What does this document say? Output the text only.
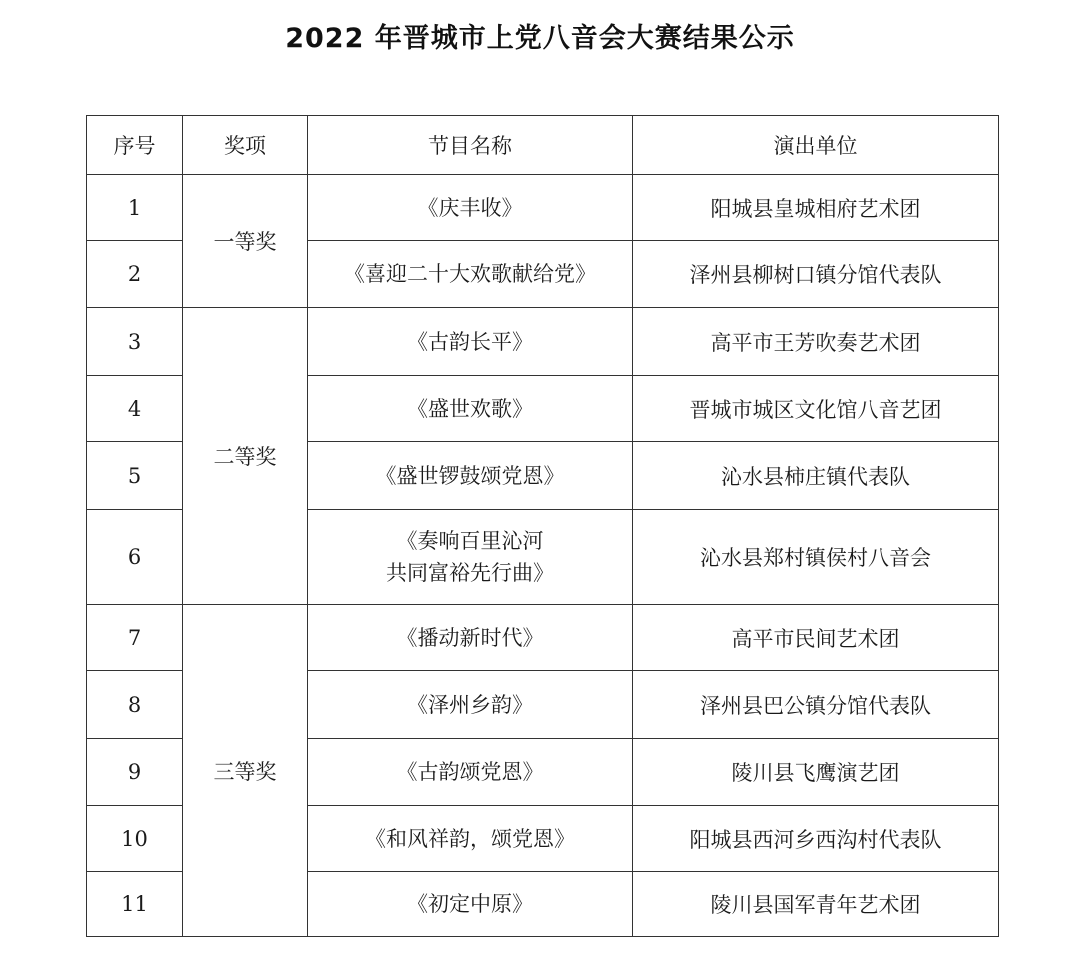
2022 年晋城市上党八音会大赛结果公示
序号	奖项	节目名称	演出单位
1	一等奖	《庆丰收》	阳城县皇城相府艺术团
2		《喜迎二十大欢歌献给党》	泽州县柳树口镇分馆代表队
3	二等奖	《古韵长平》	高平市王芳吹奏艺术团
4		《盛世欢歌》	晋城市城区文化馆八音艺团
5		《盛世锣鼓颂党恩》	沁水县柿庄镇代表队
6		《奏响百里沁河
共同富裕先行曲》	沁水县郑村镇侯村八音会
7	三等奖	《播动新时代》	高平市民间艺术团
8		《泽州乡韵》	泽州县巴公镇分馆代表队
9		《古韵颂党恩》	陵川县飞鹰演艺团
10		《和风祥韵，颂党恩》	阳城县西河乡西沟村代表队
11		《初定中原》	陵川县国军青年艺术团
